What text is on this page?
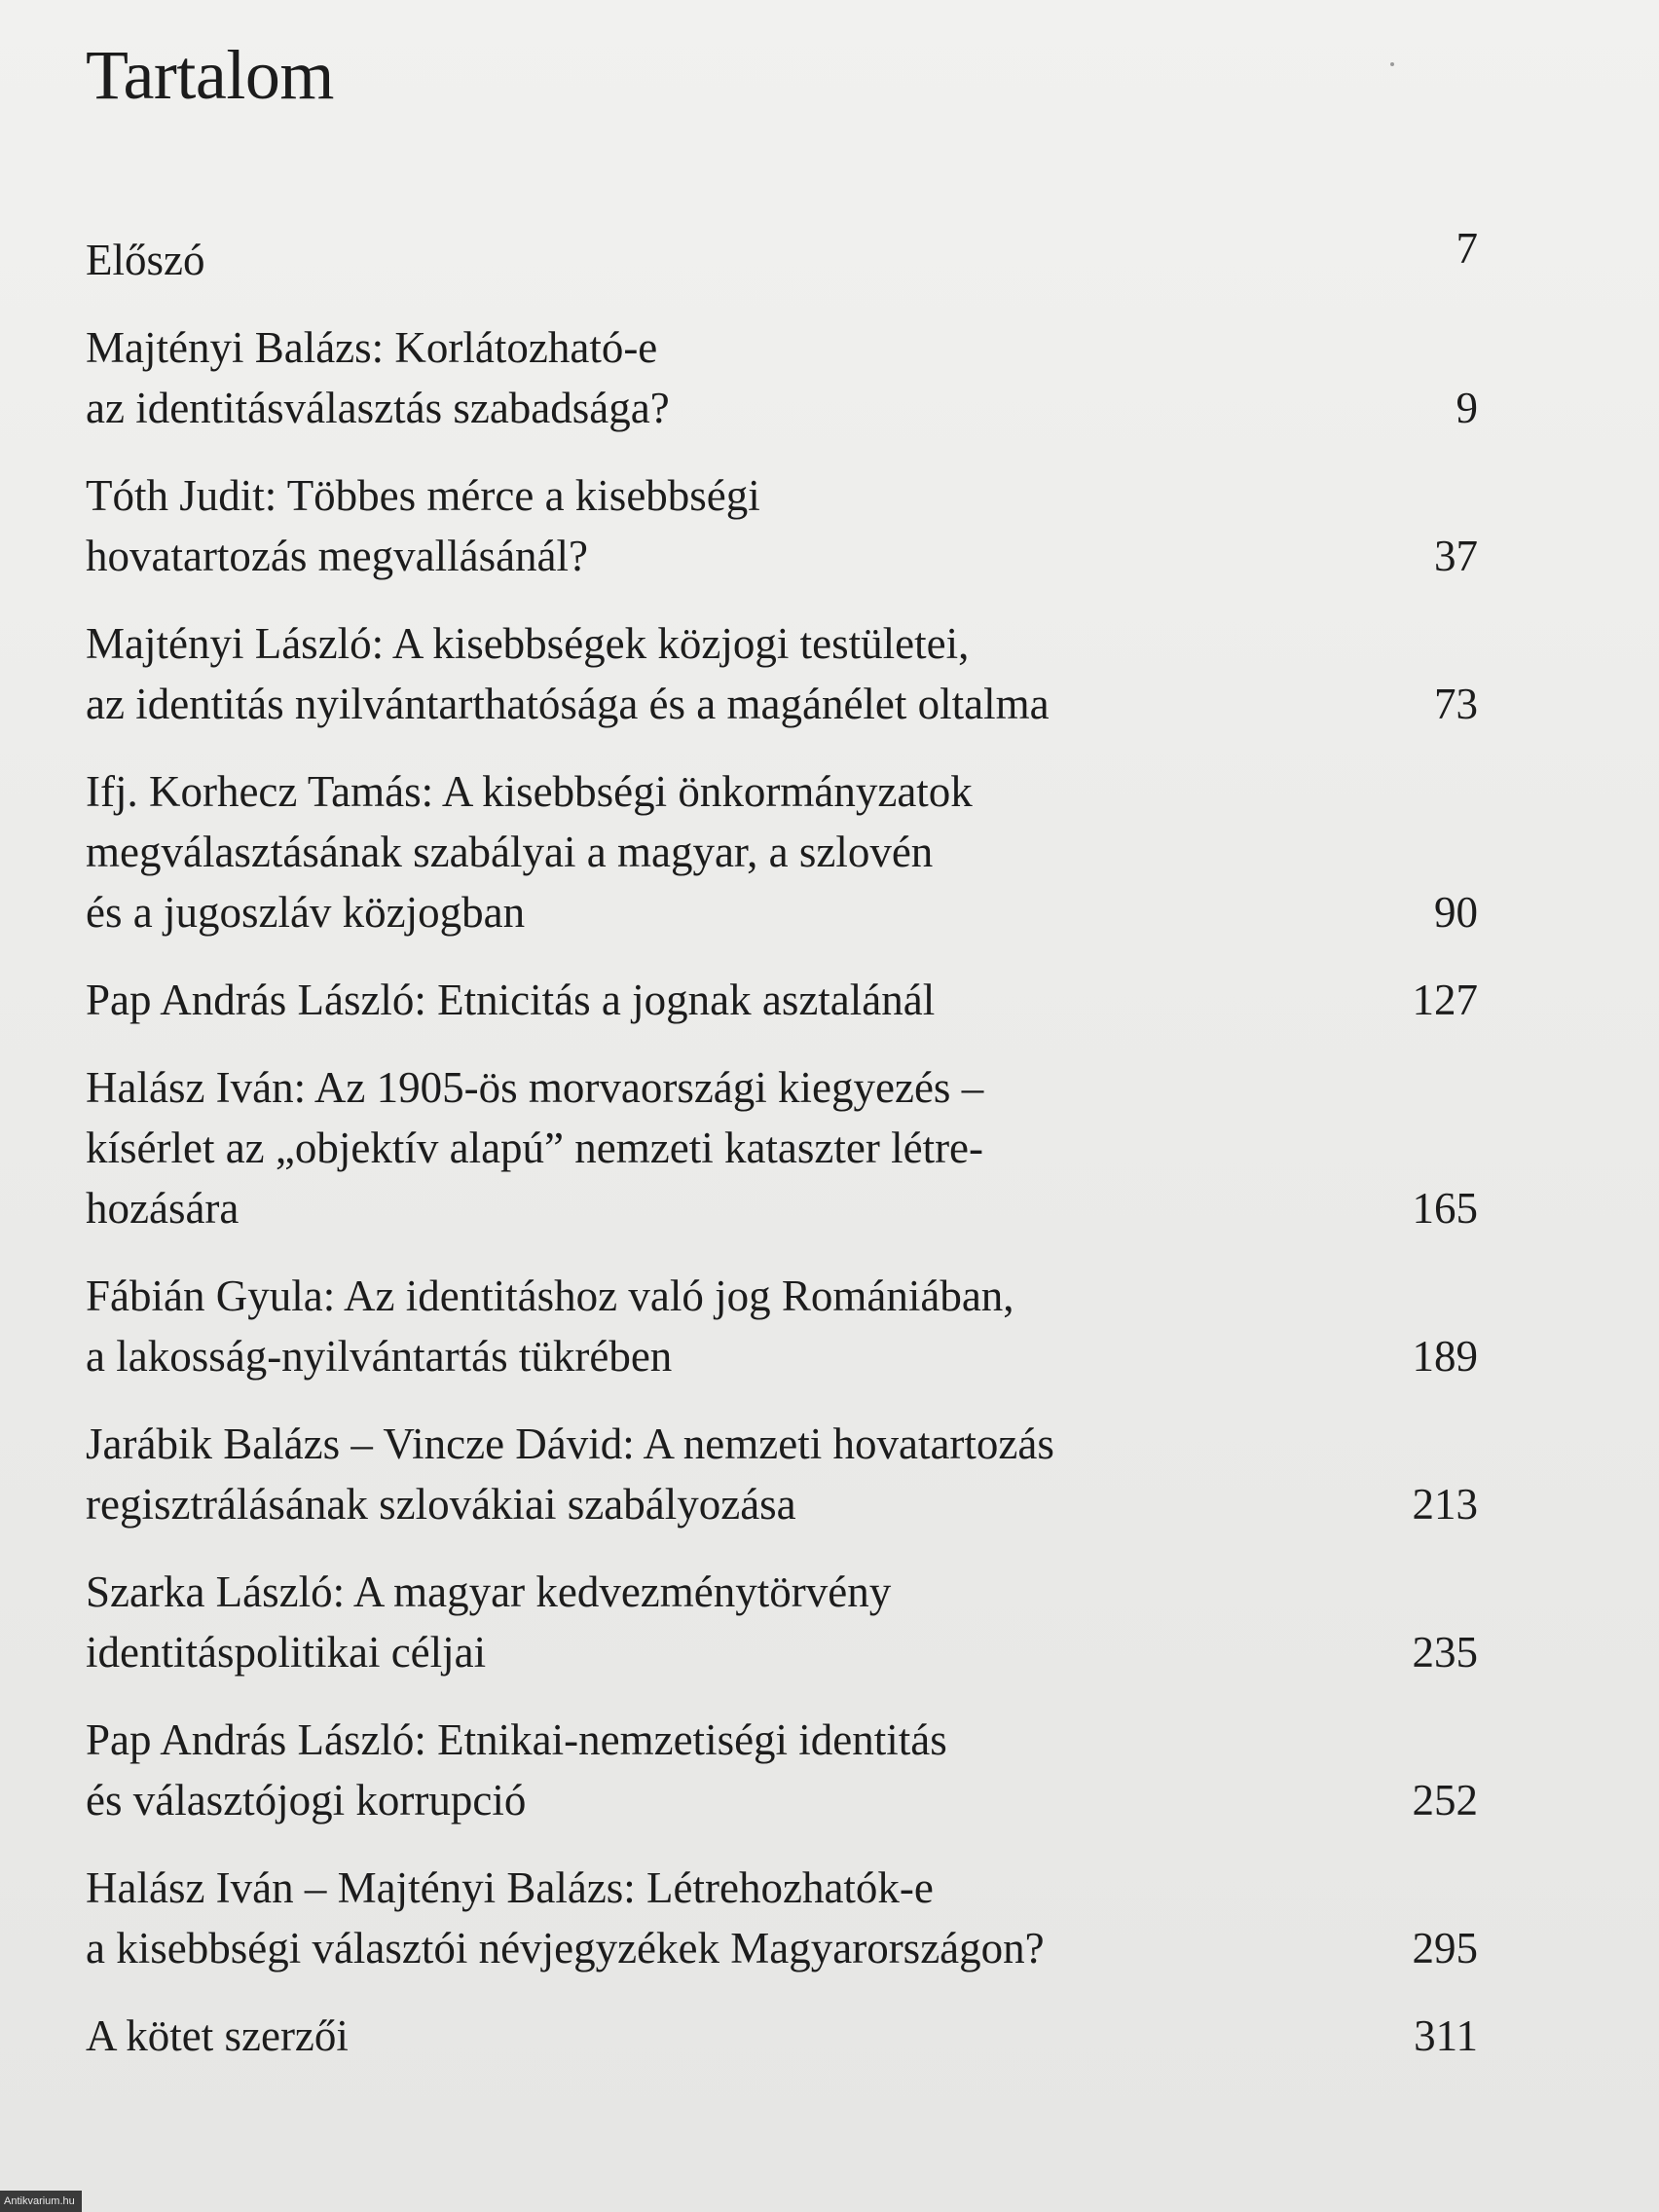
Tartalom
Előszó	7
Majtényi Balázs: Korlátozható-e
az identitásválasztás szabadsága?	9
Tóth Judit: Többes mérce a kisebbségi
hovatartozás megvallásánál?	37
Majtényi László: A kisebbségek közjogi testületei,
az identitás nyilvántarthatósága és a magánélet oltalma	73
Ifj. Korhecz Tamás: A kisebbségi önkormányzatok
megválasztásának szabályai a magyar, a szlovén
és a jugoszláv közjogban	90
Pap András László: Etnicitás a jognak asztalánál	127
Halász Iván: Az 1905-ös morvaországi kiegyezés –
kísérlet az „objektív alapú” nemzeti kataszter létre-
hozására	165
Fábián Gyula: Az identitáshoz való jog Romániában,
a lakosság-nyilvántartás tükrében	189
Jarábik Balázs – Vincze Dávid: A nemzeti hovatartozás
regisztrálásának szlovákiai szabályozása	213
Szarka László: A magyar kedvezménytörvény
identitáspolitikai céljai	235
Pap András László: Etnikai-nemzetiségi identitás
és választójogi korrupció	252
Halász Iván – Majtényi Balázs: Létrehozhatók-e
a kisebbségi választói névjegyzékek Magyarországon?	295
A kötet szerzői	311
Antikvarium.hu
